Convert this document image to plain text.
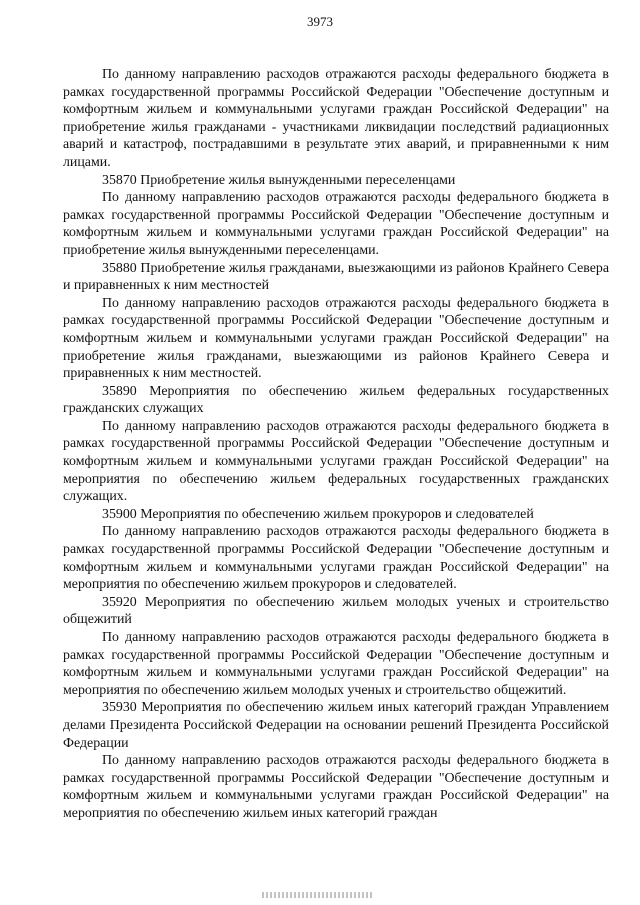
3973

По данному направлению расходов отражаются расходы федерального бюджета в рамках государственной программы Российской Федерации "Обеспечение доступным и комфортным жильем и коммунальными услугами граждан Российской Федерации" на приобретение жилья гражданами - участниками ликвидации последствий радиационных аварий и катастроф, пострадавшими в результате этих аварий, и приравненными к ним лицами.

35870 Приобретение жилья вынужденными переселенцами

По данному направлению расходов отражаются расходы федерального бюджета в рамках государственной программы Российской Федерации "Обеспечение доступным и комфортным жильем и коммунальными услугами граждан Российской Федерации" на приобретение жилья вынужденными переселенцами.

35880 Приобретение жилья гражданами, выезжающими из районов Крайнего Севера и приравненных к ним местностей

По данному направлению расходов отражаются расходы федерального бюджета в рамках государственной программы Российской Федерации "Обеспечение доступным и комфортным жильем и коммунальными услугами граждан Российской Федерации" на приобретение жилья гражданами, выезжающими из районов Крайнего Севера и приравненных к ним местностей.

35890 Мероприятия по обеспечению жильем федеральных государственных гражданских служащих

По данному направлению расходов отражаются расходы федерального бюджета в рамках государственной программы Российской Федерации "Обеспечение доступным и комфортным жильем и коммунальными услугами граждан Российской Федерации" на мероприятия по обеспечению жильем федеральных государственных гражданских служащих.

35900 Мероприятия по обеспечению жильем прокуроров и следователей

По данному направлению расходов отражаются расходы федерального бюджета в рамках государственной программы Российской Федерации "Обеспечение доступным и комфортным жильем и коммунальными услугами граждан Российской Федерации" на мероприятия по обеспечению жильем прокуроров и следователей.

35920 Мероприятия по обеспечению жильем молодых ученых и строительство общежитий

По данному направлению расходов отражаются расходы федерального бюджета в рамках государственной программы Российской Федерации "Обеспечение доступным и комфортным жильем и коммунальными услугами граждан Российской Федерации" на мероприятия по обеспечению жильем молодых ученых и строительство общежитий.

35930 Мероприятия по обеспечению жильем иных категорий граждан Управлением делами Президента Российской Федерации на основании решений Президента Российской Федерации

По данному направлению расходов отражаются расходы федерального бюджета в рамках государственной программы Российской Федерации "Обеспечение доступным и комфортным жильем и коммунальными услугами граждан Российской Федерации" на мероприятия по обеспечению жильем иных категорий граждан
